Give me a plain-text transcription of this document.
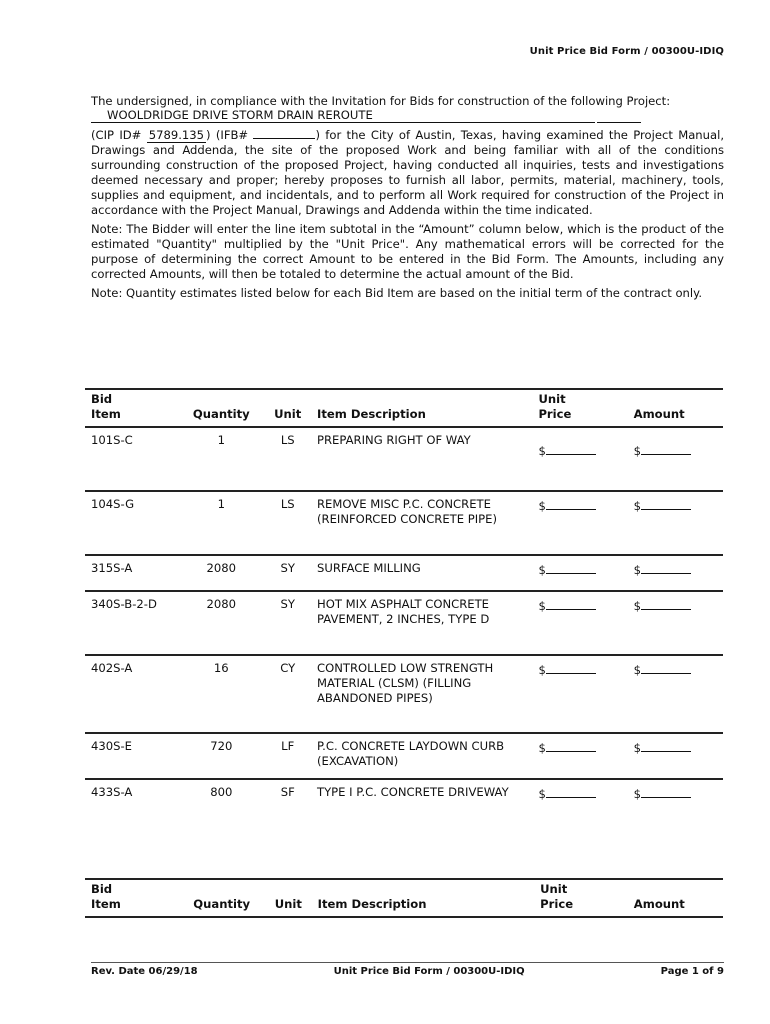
Unit Price Bid Form / 00300U-IDIQ
The undersigned, in compliance with the Invitation for Bids for construction of the following Project:
WOOLDRIDGE DRIVE STORM DRAIN REROUTE
(CIP ID# 5789.135 ) (IFB#	) for the City of Austin, Texas, having examined the Project Manual, Drawings and Addenda, the site of the proposed Work and being familiar with all of the conditions surrounding construction of the proposed Project, having conducted all inquiries, tests and investigations deemed necessary and proper; hereby proposes to furnish all labor, permits, material, machinery, tools, supplies and equipment, and incidentals, and to perform all Work required for construction of the Project in accordance with the Project Manual, Drawings and Addenda within the time indicated.
Note: The Bidder will enter the line item subtotal in the “Amount” column below, which is the product of the estimated "Quantity" multiplied by the "Unit Price". Any mathematical errors will be corrected for the purpose of determining the correct Amount to be entered in the Bid Form. The Amounts, including any corrected Amounts, will then be totaled to determine the actual amount of the Bid.
Note: Quantity estimates listed below for each Bid Item are based on the initial term of the contract only.
Bid
Item	Quantity	Unit	Item Description	Unit
Price	Amount
101S-C	1	LS	PREPARING RIGHT OF WAY	$	$

104S-G	1	LS	REMOVE MISC P.C. CONCRETE (REINFORCED CONCRETE PIPE)	$	$
315S-A	2080	SY	SURFACE MILLING	$	$
340S-B-2-D	2080	SY	HOT MIX ASPHALT CONCRETE PAVEMENT, 2 INCHES, TYPE D	$	$
402S-A	16	CY	CONTROLLED LOW STRENGTH MATERIAL (CLSM) (FILLING ABANDONED PIPES)	$	$
430S-E	720	LF	P.C. CONCRETE LAYDOWN CURB (EXCAVATION)	$	$
433S-A	800	SF	TYPE I P.C. CONCRETE DRIVEWAY	$	$
Bid
Item	Quantity	Unit	Item Description	Unit
Price	Amount
Rev. Date 06/29/18	Unit Price Bid Form / 00300U-IDIQ	Page 1 of 9
